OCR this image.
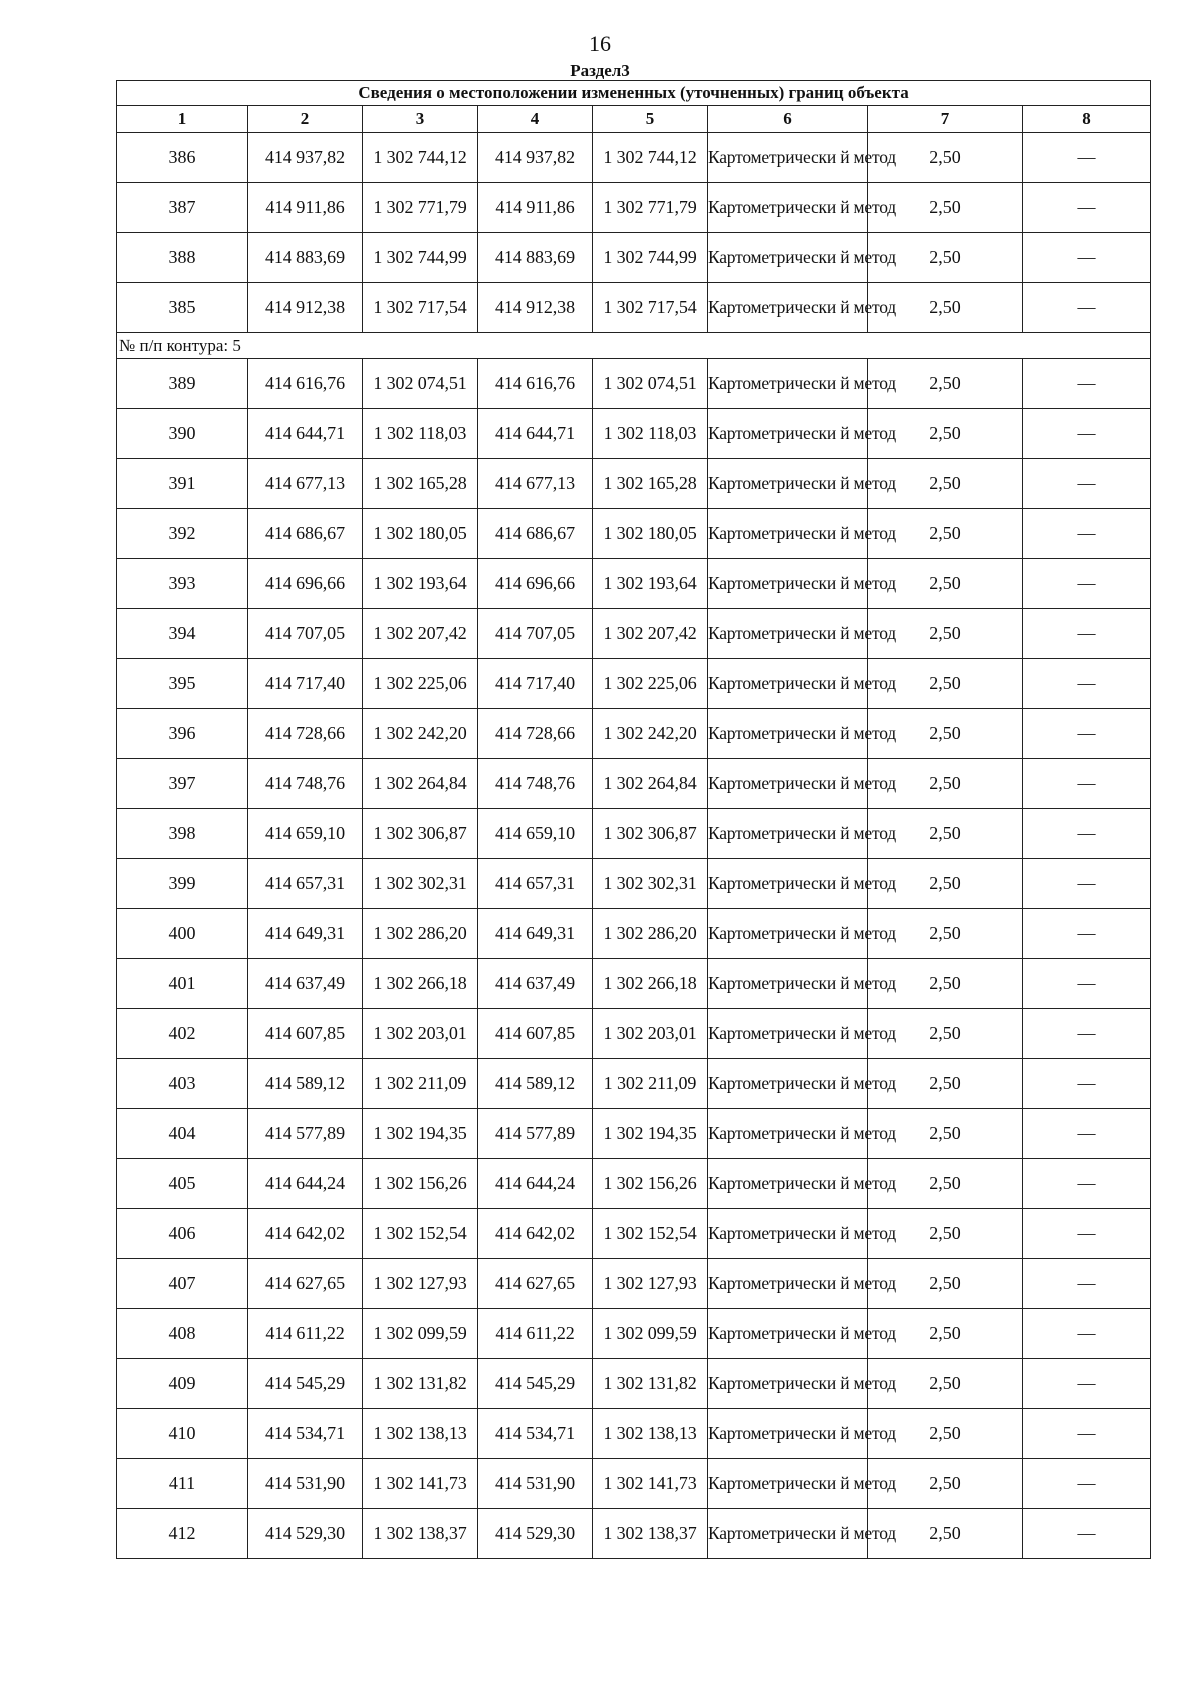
16
Раздел3
Сведения о местоположении измененных (уточненных) границ объекта							
1	2	3	4	5	6	7	8
386	414 937,82	1 302 744,12	414 937,82	1 302 744,12	Картометрически й метод	2,50	—
387	414 911,86	1 302 771,79	414 911,86	1 302 771,79	Картометрически й метод	2,50	—
388	414 883,69	1 302 744,99	414 883,69	1 302 744,99	Картометрически й метод	2,50	—
385	414 912,38	1 302 717,54	414 912,38	1 302 717,54	Картометрически й метод	2,50	—
№ п/п контура: 5							
389	414 616,76	1 302 074,51	414 616,76	1 302 074,51	Картометрически й метод	2,50	—
390	414 644,71	1 302 118,03	414 644,71	1 302 118,03	Картометрически й метод	2,50	—
391	414 677,13	1 302 165,28	414 677,13	1 302 165,28	Картометрически й метод	2,50	—
392	414 686,67	1 302 180,05	414 686,67	1 302 180,05	Картометрически й метод	2,50	—
393	414 696,66	1 302 193,64	414 696,66	1 302 193,64	Картометрически й метод	2,50	—
394	414 707,05	1 302 207,42	414 707,05	1 302 207,42	Картометрически й метод	2,50	—
395	414 717,40	1 302 225,06	414 717,40	1 302 225,06	Картометрически й метод	2,50	—
396	414 728,66	1 302 242,20	414 728,66	1 302 242,20	Картометрически й метод	2,50	—
397	414 748,76	1 302 264,84	414 748,76	1 302 264,84	Картометрически й метод	2,50	—
398	414 659,10	1 302 306,87	414 659,10	1 302 306,87	Картометрически й метод	2,50	—
399	414 657,31	1 302 302,31	414 657,31	1 302 302,31	Картометрически й метод	2,50	—
400	414 649,31	1 302 286,20	414 649,31	1 302 286,20	Картометрически й метод	2,50	—
401	414 637,49	1 302 266,18	414 637,49	1 302 266,18	Картометрически й метод	2,50	—
402	414 607,85	1 302 203,01	414 607,85	1 302 203,01	Картометрически й метод	2,50	—
403	414 589,12	1 302 211,09	414 589,12	1 302 211,09	Картометрически й метод	2,50	—
404	414 577,89	1 302 194,35	414 577,89	1 302 194,35	Картометрически й метод	2,50	—
405	414 644,24	1 302 156,26	414 644,24	1 302 156,26	Картометрически й метод	2,50	—
406	414 642,02	1 302 152,54	414 642,02	1 302 152,54	Картометрически й метод	2,50	—
407	414 627,65	1 302 127,93	414 627,65	1 302 127,93	Картометрически й метод	2,50	—
408	414 611,22	1 302 099,59	414 611,22	1 302 099,59	Картометрически й метод	2,50	—
409	414 545,29	1 302 131,82	414 545,29	1 302 131,82	Картометрически й метод	2,50	—
410	414 534,71	1 302 138,13	414 534,71	1 302 138,13	Картометрически й метод	2,50	—
411	414 531,90	1 302 141,73	414 531,90	1 302 141,73	Картометрически й метод	2,50	—
412	414 529,30	1 302 138,37	414 529,30	1 302 138,37	Картометрически й метод	2,50	—
